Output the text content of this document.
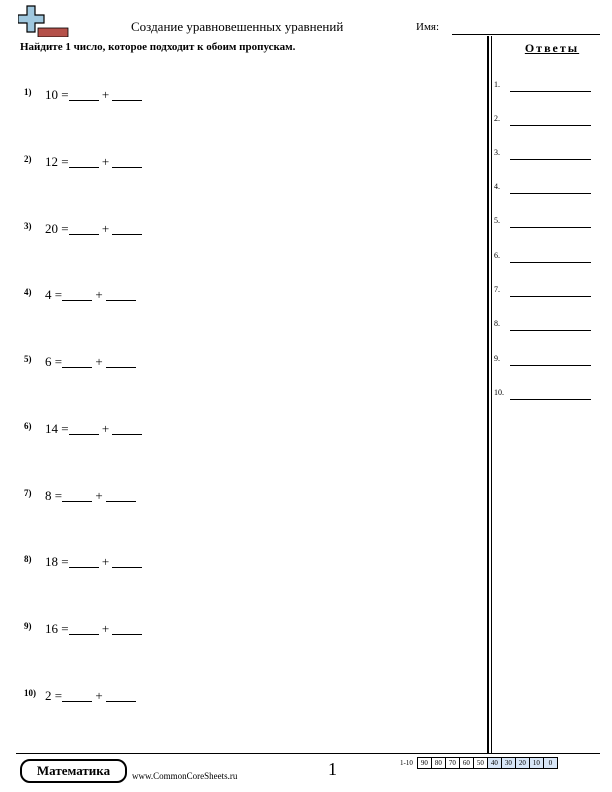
Создание уравновешенных уравнений	Имя:
Найдите 1 число, которое подходит к обоим пропускам.	Ответы
1) 10 =	+
2) 12 =	+
3) 20 =	+
4) 4 =	+
5) 6 =	+
6) 14 =	+
7) 8 =	+
8) 18 =	+
9) 16 =	+
10) 2 =	+
1.
2.
3.
4.
5.
6.
7.
8.
9.
10.
Математика	www.CommonCoreSheets.ru	1	1-10	90	80	70	60	50	40	30	20	10	0
